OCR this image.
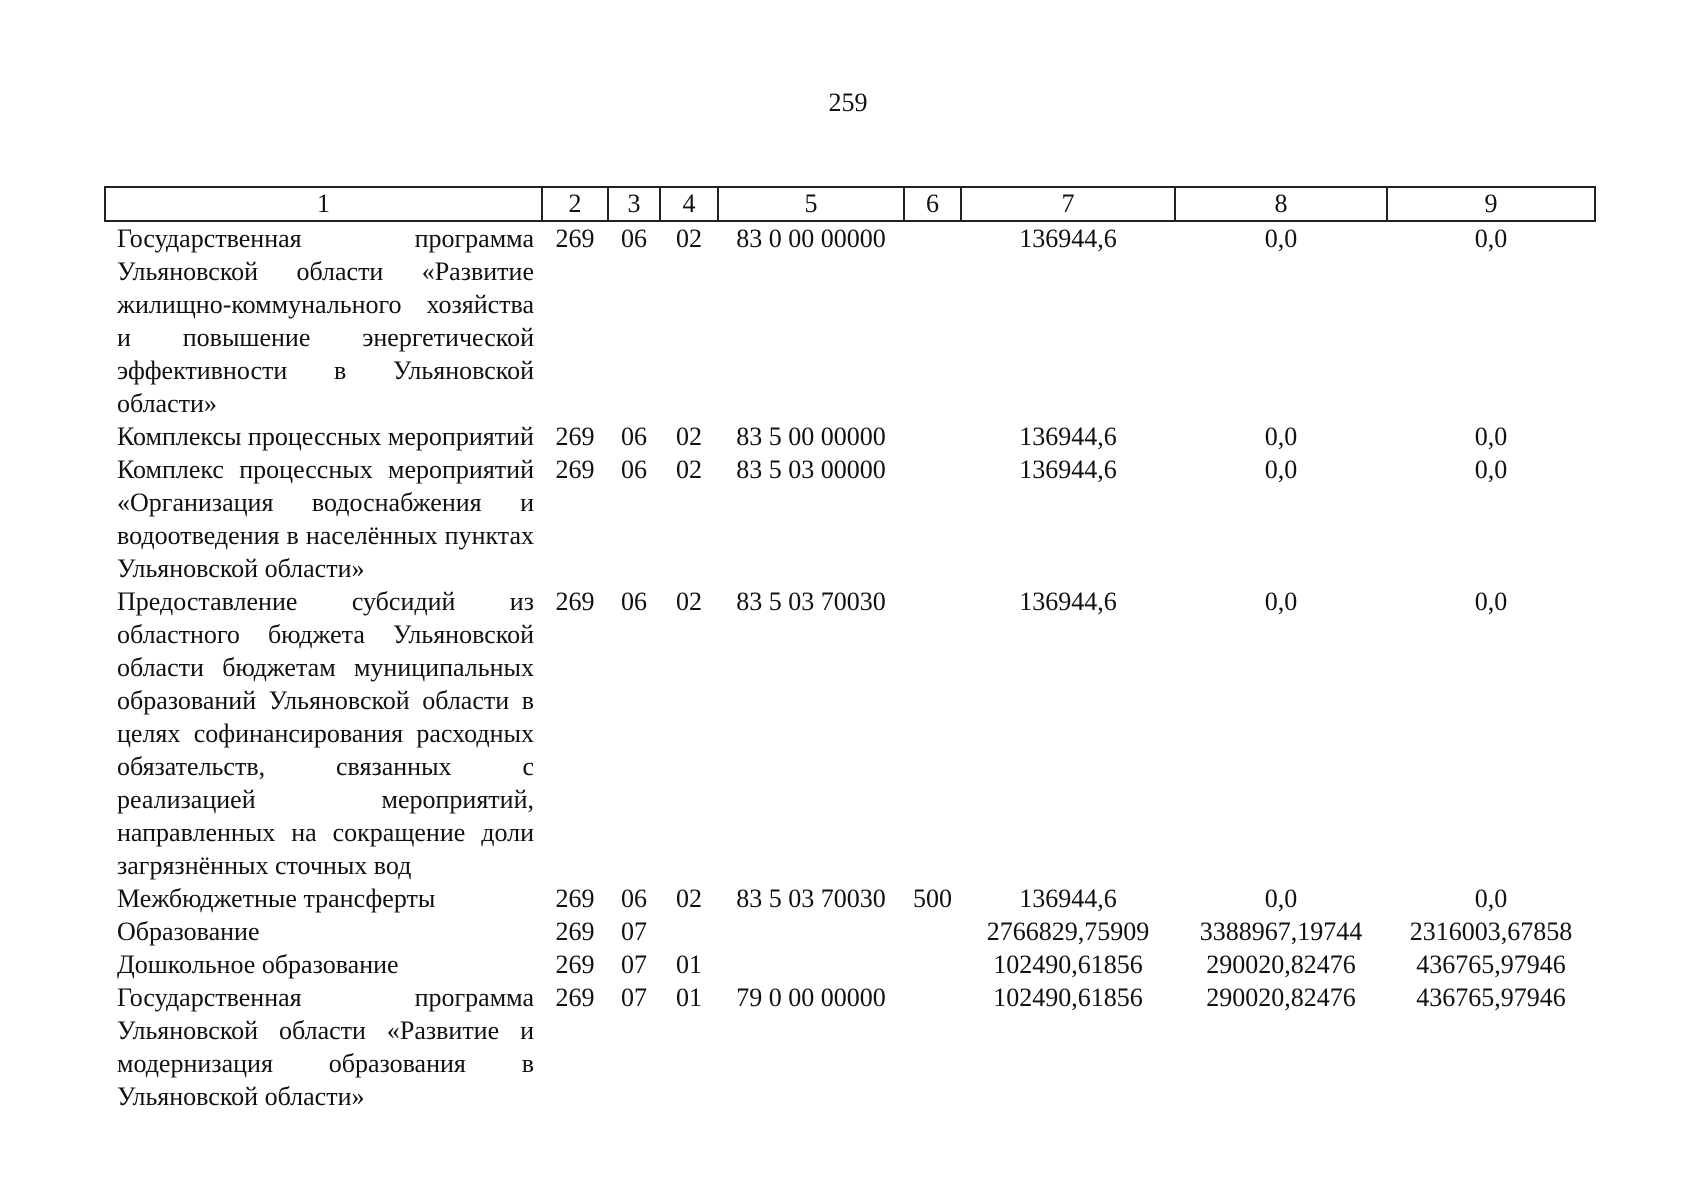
259
1	2	3	4	5	6	7	8	9
Государственная программа Ульяновской области «Развитие жилищно-коммунального хозяйства и повышение энергетической эффективности в Ульяновской области»	269	06	02	83 0 00 00000		136944,6	0,0	0,0
Комплексы процессных мероприятий	269	06	02	83 5 00 00000		136944,6	0,0	0,0
Комплекс процессных мероприятий «Организация водоснабжения и водоотведения в населённых пунктах Ульяновской области»	269	06	02	83 5 03 00000		136944,6	0,0	0,0
Предоставление субсидий из областного бюджета Ульяновской области бюджетам муниципальных образований Ульяновской области в целях софинансирования расходных обязательств, связанных с реализацией мероприятий, направленных на сокращение доли загрязнённых сточных вод	269	06	02	83 5 03 70030		136944,6	0,0	0,0
Межбюджетные трансферты	269	06	02	83 5 03 70030	500	136944,6	0,0	0,0
Образование	269	07				2766829,75909	3388967,19744	2316003,67858
Дошкольное образование	269	07	01			102490,61856	290020,82476	436765,97946
Государственная программа Ульяновской области «Развитие и модернизация образования в Ульяновской области»	269	07	01	79 0 00 00000		102490,61856	290020,82476	436765,97946
